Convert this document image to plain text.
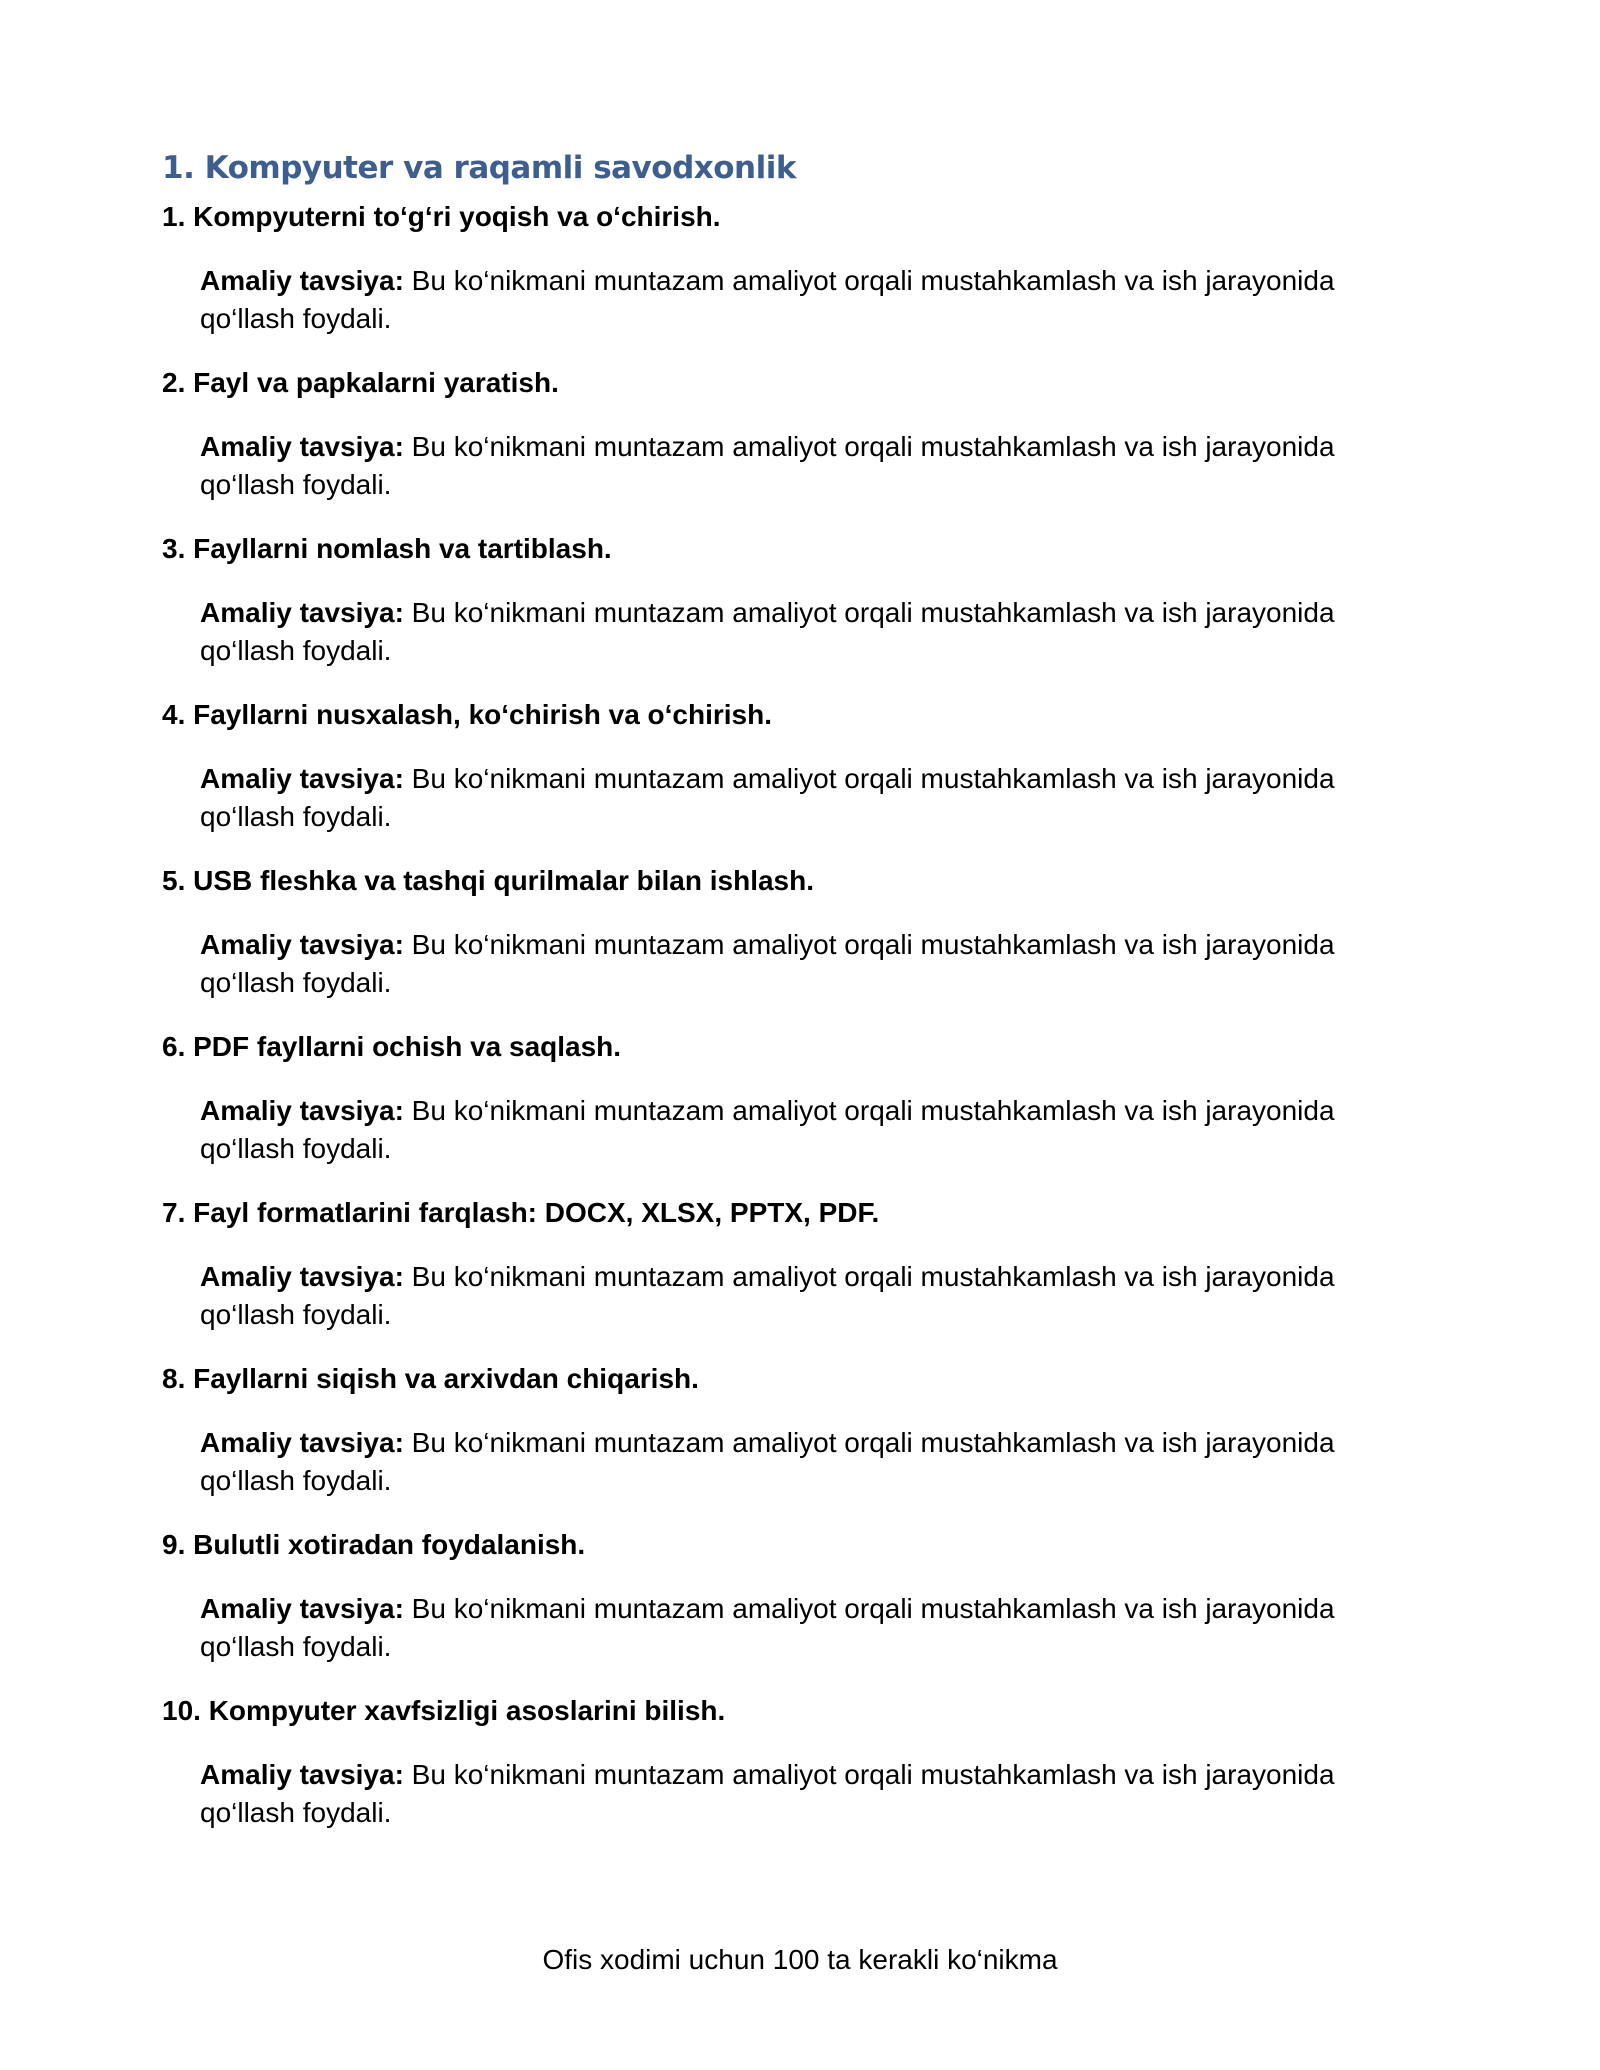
1. Kompyuter va raqamli savodxonlik

1. Kompyuterni to‘g‘ri yoqish va o‘chirish.

Amaliy tavsiya: Bu ko‘nikmani muntazam amaliyot orqali mustahkamlash va ish jarayonida qo‘llash foydali.

2. Fayl va papkalarni yaratish.

Amaliy tavsiya: Bu ko‘nikmani muntazam amaliyot orqali mustahkamlash va ish jarayonida qo‘llash foydali.

3. Fayllarni nomlash va tartiblash.

Amaliy tavsiya: Bu ko‘nikmani muntazam amaliyot orqali mustahkamlash va ish jarayonida qo‘llash foydali.

4. Fayllarni nusxalash, ko‘chirish va o‘chirish.

Amaliy tavsiya: Bu ko‘nikmani muntazam amaliyot orqali mustahkamlash va ish jarayonida qo‘llash foydali.

5. USB fleshka va tashqi qurilmalar bilan ishlash.

Amaliy tavsiya: Bu ko‘nikmani muntazam amaliyot orqali mustahkamlash va ish jarayonida qo‘llash foydali.

6. PDF fayllarni ochish va saqlash.

Amaliy tavsiya: Bu ko‘nikmani muntazam amaliyot orqali mustahkamlash va ish jarayonida qo‘llash foydali.

7. Fayl formatlarini farqlash: DOCX, XLSX, PPTX, PDF.

Amaliy tavsiya: Bu ko‘nikmani muntazam amaliyot orqali mustahkamlash va ish jarayonida qo‘llash foydali.

8. Fayllarni siqish va arxivdan chiqarish.

Amaliy tavsiya: Bu ko‘nikmani muntazam amaliyot orqali mustahkamlash va ish jarayonida qo‘llash foydali.

9. Bulutli xotiradan foydalanish.

Amaliy tavsiya: Bu ko‘nikmani muntazam amaliyot orqali mustahkamlash va ish jarayonida qo‘llash foydali.

10. Kompyuter xavfsizligi asoslarini bilish.

Amaliy tavsiya: Bu ko‘nikmani muntazam amaliyot orqali mustahkamlash va ish jarayonida qo‘llash foydali.

Ofis xodimi uchun 100 ta kerakli ko‘nikma
